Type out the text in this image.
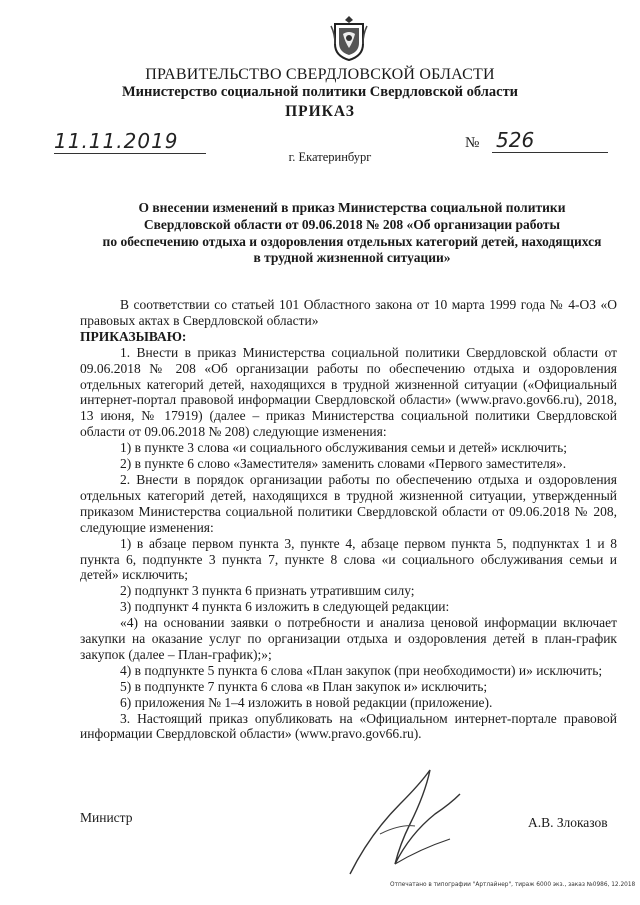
ПРАВИТЕЛЬСТВО СВЕРДЛОВСКОЙ ОБЛАСТИ
Министерство социальной политики Свердловской области
ПРИКАЗ
11.11.2019	№ 526
г. Екатеринбург
О внесении изменений в приказ Министерства социальной политики
Свердловской области от 09.06.2018 № 208 «Об организации работы
по обеспечению отдыха и оздоровления отдельных категорий детей, находящихся
в трудной жизненной ситуации»

В соответствии со статьей 101 Областного закона от 10 марта 1999 года № 4-ОЗ «О правовых актах в Свердловской области»

ПРИКАЗЫВАЮ:

1. Внести в приказ Министерства социальной политики Свердловской области от 09.06.2018 № 208 «Об организации работы по обеспечению отдыха и оздоровления отдельных категорий детей, находящихся в трудной жизненной ситуации («Официальный интернет-портал правовой информации Свердловской области» (www.pravo.gov66.ru), 2018, 13 июня, № 17919) (далее – приказ Министерства социальной политики Свердловской области от 09.06.2018 № 208) следующие изменения:

1) в пункте 3 слова «и социального обслуживания семьи и детей» исключить;

2) в пункте 6 слово «Заместителя» заменить словами «Первого заместителя».

2. Внести в порядок организации работы по обеспечению отдыха и оздоровления отдельных категорий детей, находящихся в трудной жизненной ситуации, утвержденный приказом Министерства социальной политики Свердловской области от 09.06.2018 № 208, следующие изменения:

1) в абзаце первом пункта 3, пункте 4, абзаце первом пункта 5, подпунктах 1 и 8 пункта 6, подпункте 3 пункта 7, пункте 8 слова «и социального обслуживания семьи и детей» исключить;

2) подпункт 3 пункта 6 признать утратившим силу;

3) подпункт 4 пункта 6 изложить в следующей редакции:

«4) на основании заявки о потребности и анализа ценовой информации включает закупки на оказание услуг по организации отдыха и оздоровления детей в план-график закупок (далее – План-график);»;

4) в подпункте 5 пункта 6 слова «План закупок (при необходимости) и» исключить;

5) в подпункте 7 пункта 6 слова «в План закупок и» исключить;

6) приложения № 1–4 изложить в новой редакции (приложение).

3. Настоящий приказ опубликовать на «Официальном интернет-портале правовой информации Свердловской области» (www.pravo.gov66.ru).

Министр	А.В. Злоказов
Отпечатано в типографии "Артлайнер", тираж 6000 экз., заказ №0986, 12.2018
